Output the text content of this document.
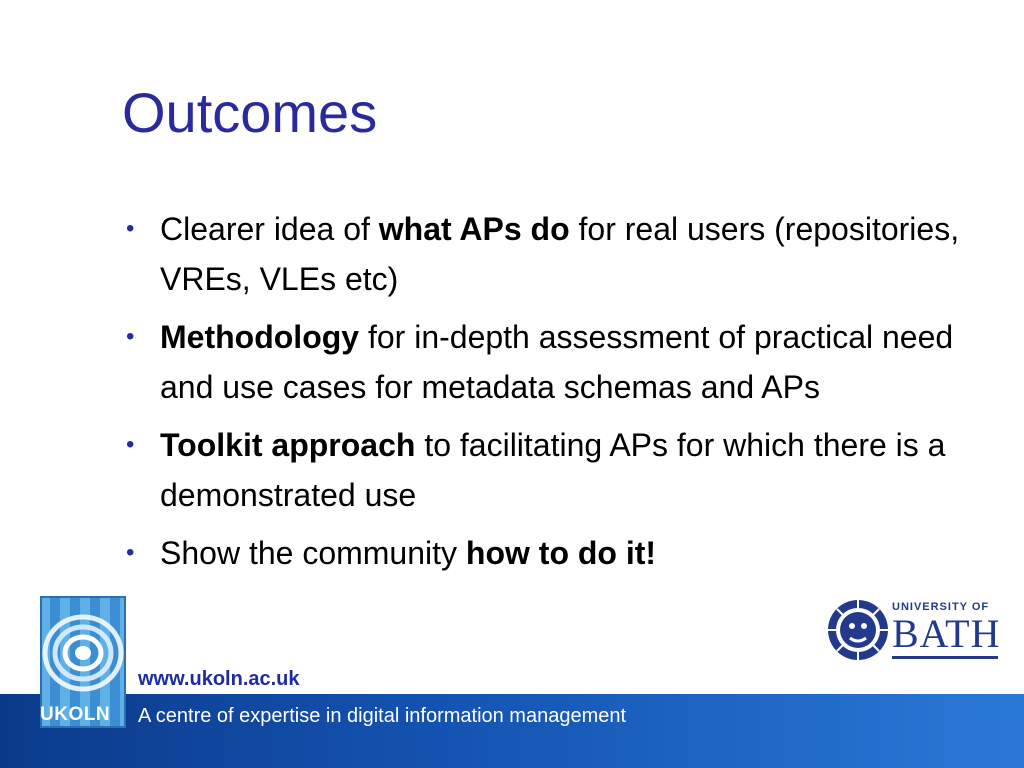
Outcomes
• Clearer idea of what APs do for real users (repositories, VREs, VLEs etc)
• Methodology for in-depth assessment of practical need and use cases for metadata schemas and APs
• Toolkit approach to facilitating APs for which there is a demonstrated use
• Show the community how to do it!
www.ukoln.ac.uk
A centre of expertise in digital information management
UKOLN
UNIVERSITY OF
BATH
